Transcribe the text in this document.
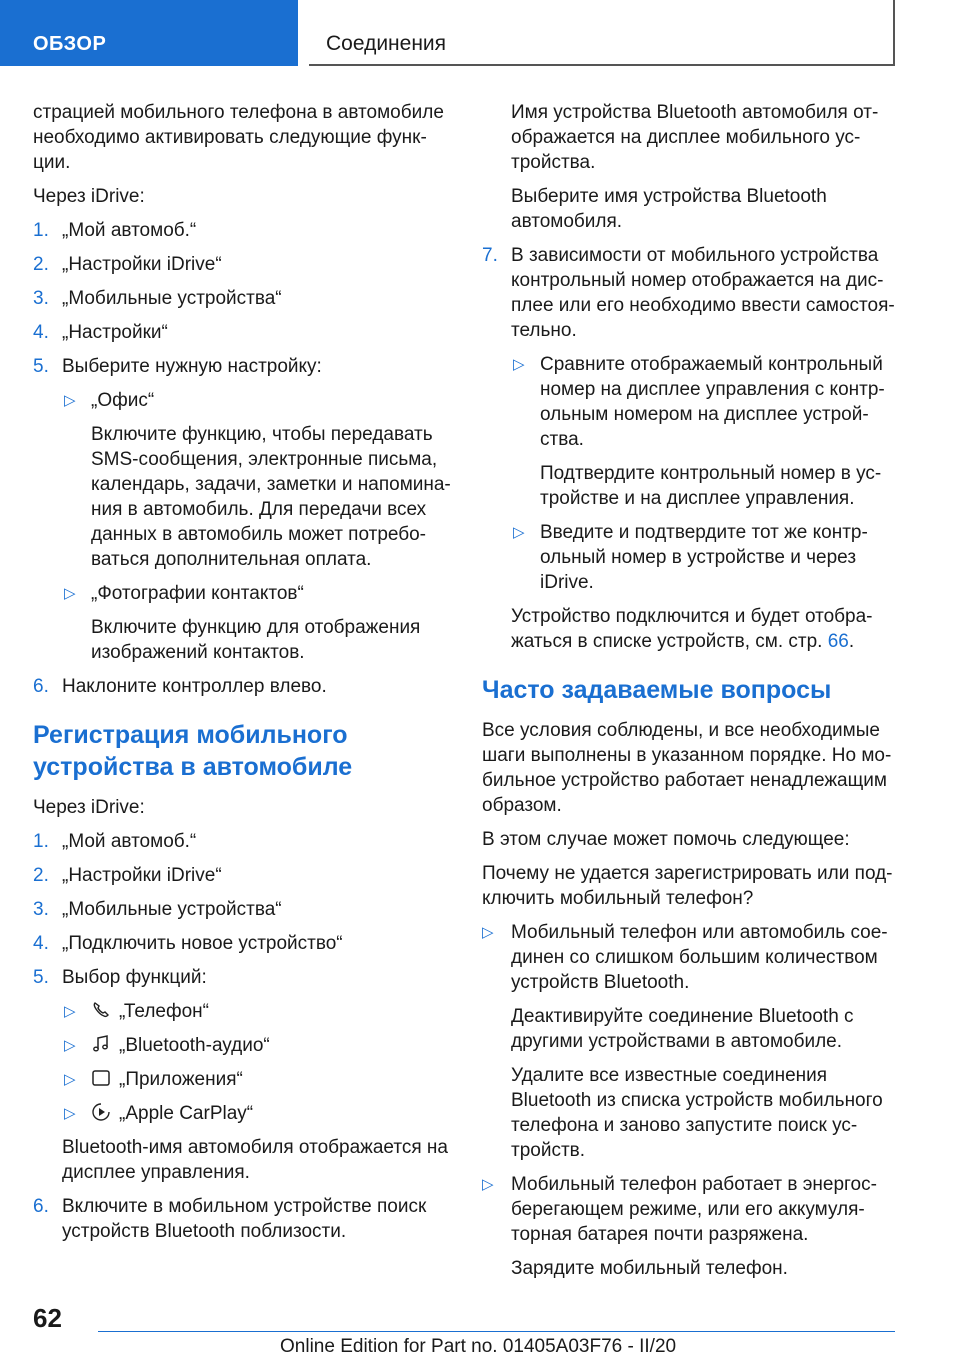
ОБЗОР	Соединения

страцией мобильного телефона в автомобиле необходимо активировать следующие функ- ции.

Через iDrive:

1. „Мой автомоб.“
2. „Настройки iDrive“
3. „Мобильные устройства“
4. „Настройки“
5. Выберите нужную настройку:
▷ „Офис“

Включите функцию, чтобы передавать SMS-сообщения, электронные письма, календарь, задачи, заметки и напомина- ния в автомобиль. Для передачи всех данных в автомобиль может потребо- ваться дополнительная оплата.

▷ „Фотографии контактов“

Включите функцию для отображения изображений контактов.

6. Наклоните контроллер влево.
Регистрация мобильного устройства в автомобиле

Через iDrive:

1. „Мой автомоб.“
2. „Настройки iDrive“
3. „Мобильные устройства“
4. „Подключить новое устройство“
5. Выбор функций:
▷ „Телефон“
▷ „Bluetooth-аудио“
▷ „Приложения“
▷ „Apple CarPlay“

Bluetooth-имя автомобиля отображается на дисплее управления.

6. Включите в мобильном устройстве поиск устройств Bluetooth поблизости.

Имя устройства Bluetooth автомобиля от- ображается на дисплее мобильного ус- тройства.

Выберите имя устройства Bluetooth автомобиля.

7. В зависимости от мобильного устройства контрольный номер отображается на дис- плее или его необходимо ввести самостоя- тельно.
▷ Сравните отображаемый контрольный номер на дисплее управления с контр- ольным номером на дисплее устрой- ства.

Подтвердите контрольный номер в ус- тройстве и на дисплее управления.

▷ Введите и подтвердите тот же контр- ольный номер в устройстве и через iDrive.

Устройство подключится и будет отобра- жаться в списке устройств, см. стр. 66.

Часто задаваемые вопросы

Все условия соблюдены, и все необходимые шаги выполнены в указанном порядке. Но мо- бильное устройство работает ненадлежащим образом.

В этом случае может помочь следующее:

Почему не удается зарегистрировать или под- ключить мобильный телефон?

▷ Мобильный телефон или автомобиль сое- динен со слишком большим количеством устройств Bluetooth.

Деактивируйте соединение Bluetooth с другими устройствами в автомобиле.

Удалите все известные соединения Bluetooth из списка устройств мобильного телефона и заново запустите поиск ус- тройств.

▷ Мобильный телефон работает в энергос- берегающем режиме, или его аккумуля- торная батарея почти разряжена.

Зарядите мобильный телефон.

62
Online Edition for Part no. 01405A03F76 - II/20
